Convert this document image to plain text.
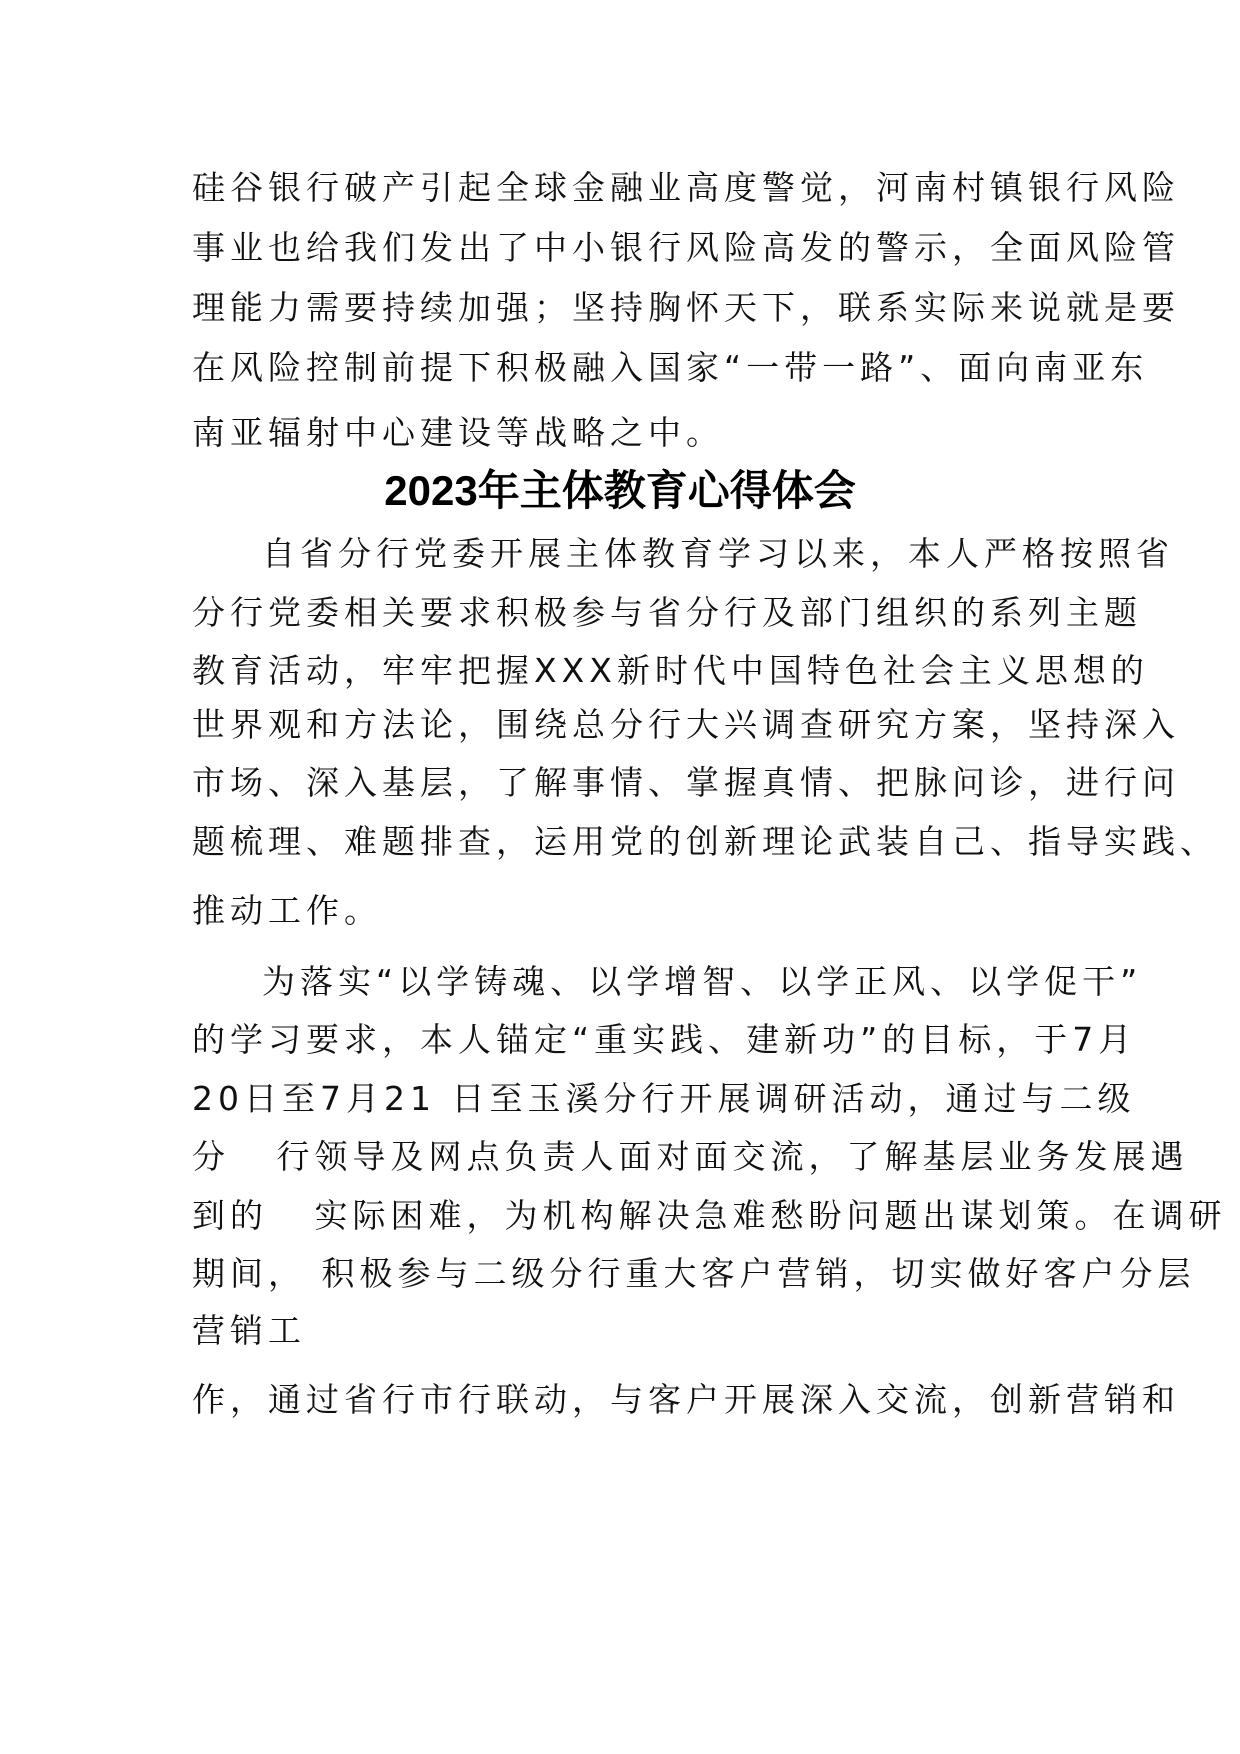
硅谷银行破产引起全球金融业高度警觉，河南村镇银行风险
事业也给我们发出了中小银行风险高发的警示，全面风险管
理能力需要持续加强；坚持胸怀天下，联系实际来说就是要
在风险控制前提下积极融入国家“一带一路”、面向南亚东
南亚辐射中心建设等战略之中。
2023年主体教育心得体会
自省分行党委开展主体教育学习以来，本人严格按照省
分行党委相关要求积极参与省分行及部门组织的系列主题
教育活动，牢牢把握XXX新时代中国特色社会主义思想的
世界观和方法论，围绕总分行大兴调查研究方案，坚持深入
市场、深入基层，了解事情、掌握真情、把脉问诊，进行问
题梳理、难题排查，运用党的创新理论武装自己、指导实践、
推动工作。
为落实“以学铸魂、以学增智、以学正风、以学促干”
的学习要求，本人锚定“重实践、建新功”的目标，于7月
20日至7月21 日至玉溪分行开展调研活动，通过与二级
分   行领导及网点负责人面对面交流，了解基层业务发展遇
到的   实际困难，为机构解决急难愁盼问题出谋划策。在调研
期间， 积极参与二级分行重大客户营销，切实做好客户分层
营销工
作，通过省行市行联动，与客户开展深入交流，创新营销和
